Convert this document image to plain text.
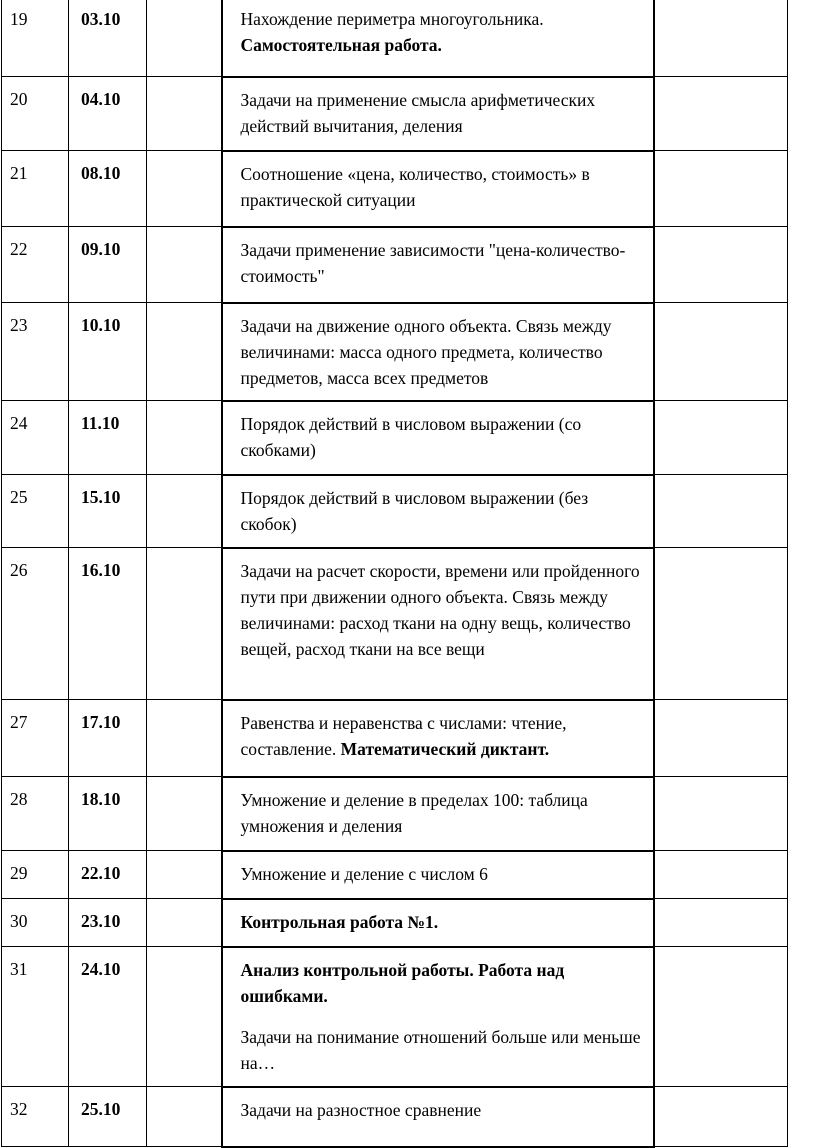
19	03.10		Нахождение периметра многоугольника. Самостоятельная работа.	
20	04.10		Задачи на применение смысла арифметических действий вычитания, деления	
21	08.10		Соотношение «цена, количество, стоимость» в практической ситуации	
22	09.10		Задачи применение зависимости "цена-количество-стоимость"	
23	10.10		Задачи на движение одного объекта. Связь между величинами: масса одного предмета, количество предметов, масса всех предметов	
24	11.10		Порядок действий в числовом выражении (со скобками)	
25	15.10		Порядок действий в числовом выражении (без скобок)	
26	16.10		Задачи на расчет скорости, времени или пройденного пути при движении одного объекта. Связь между величинами: расход ткани на одну вещь, количество вещей, расход ткани на все вещи	
27	17.10		Равенства и неравенства с числами: чтение, составление. Математический диктант.	
28	18.10		Умножение и деление в пределах 100: таблица умножения и деления	
29	22.10		Умножение и деление с числом 6	
30	23.10		Контрольная работа №1.	
31	24.10		Анализ контрольной работы. Работа над ошибками.
Задачи на понимание отношений больше или меньше на…	

32	25.10		Задачи на разностное сравнение	
